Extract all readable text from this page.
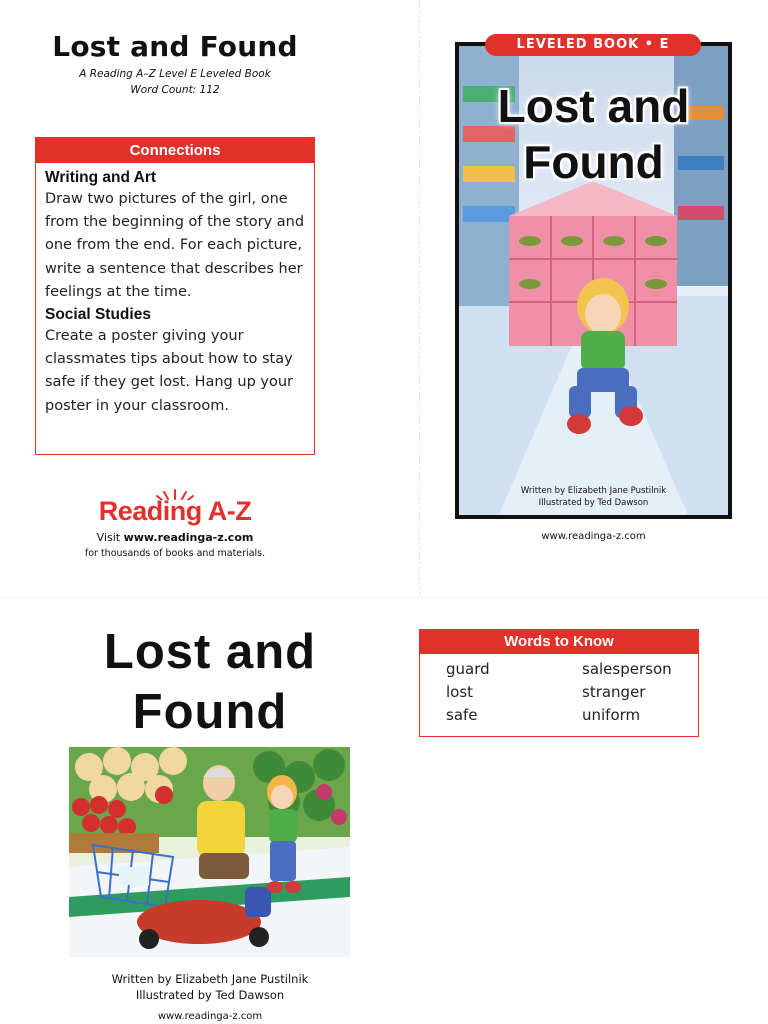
Lost and Found
A Reading A–Z Level E Leveled Book
Word Count: 112
Connections
Writing and Art

Draw two pictures of the girl, one from the beginning of the story and one from the end. For each picture, write a sentence that describes her feelings at the time.

Social Studies

Create a poster giving your classmates tips about how to stay safe if they get lost. Hang up your poster in your classroom.

Reading A-Z
Visit www.readinga-z.com
for thousands of books and materials.
Lost and
Found
Written by Elizabeth Jane Pustilnik
Illustrated by Ted Dawson
LEVELED BOOK • E
www.readinga-z.com
Lost and
Found
Written by Elizabeth Jane Pustilnik
Illustrated by Ted Dawson
www.readinga-z.com
Words to Know
guard	salesperson
lost	stranger
safe	uniform
